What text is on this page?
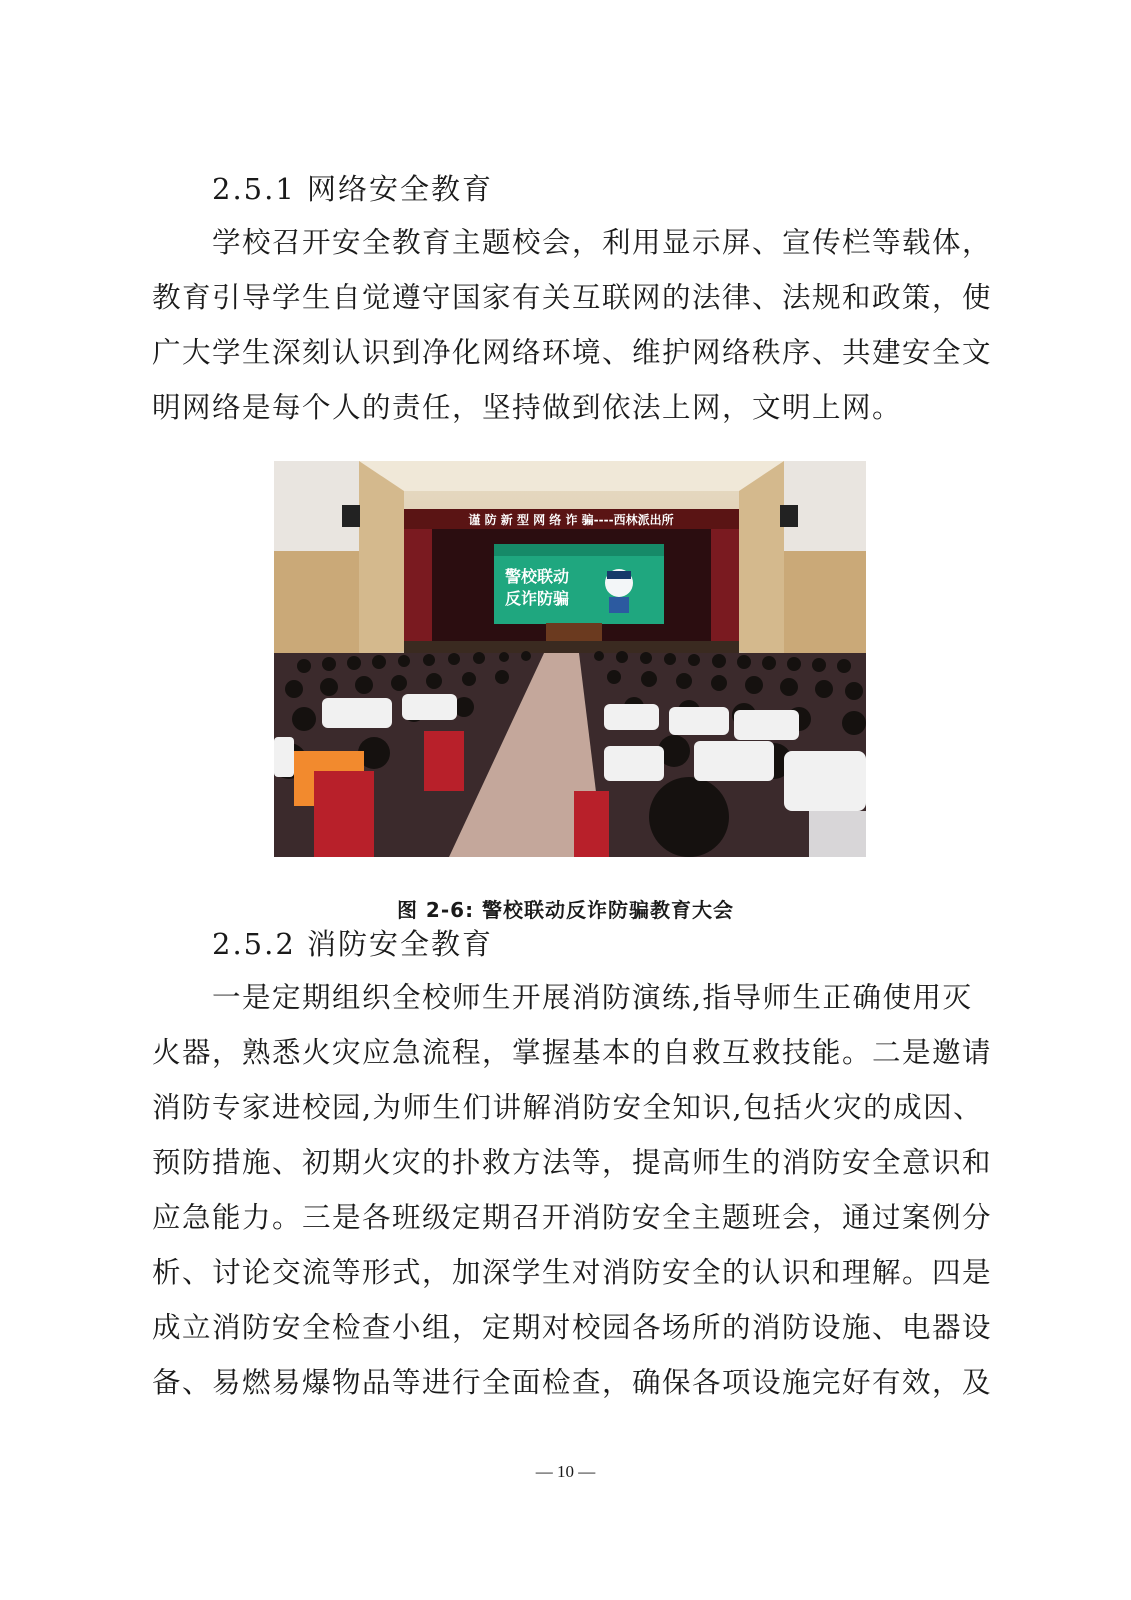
2.5.1 网络安全教育

学校召开安全教育主题校会，利用显示屏、宣传栏等载体，
教育引导学生自觉遵守国家有关互联网的法律、法规和政策，使
广大学生深刻认识到净化网络环境、维护网络秩序、共建安全文
明网络是每个人的责任，坚持做到依法上网，文明上网。

谨 防 新 型 网 络 诈 骗----西林派出所
警校联动
反诈防骗

图 2-6: 警校联动反诈防骗教育大会

2.5.2 消防安全教育

一是定期组织全校师生开展消防演练,指导师生正确使用灭
火器，熟悉火灾应急流程，掌握基本的自救互救技能。二是邀请
消防专家进校园,为师生们讲解消防安全知识,包括火灾的成因、
预防措施、初期火灾的扑救方法等，提高师生的消防安全意识和
应急能力。三是各班级定期召开消防安全主题班会，通过案例分
析、讨论交流等形式，加深学生对消防安全的认识和理解。四是
成立消防安全检查小组，定期对校园各场所的消防设施、电器设
备、易燃易爆物品等进行全面检查，确保各项设施完好有效，及

— 10 —
